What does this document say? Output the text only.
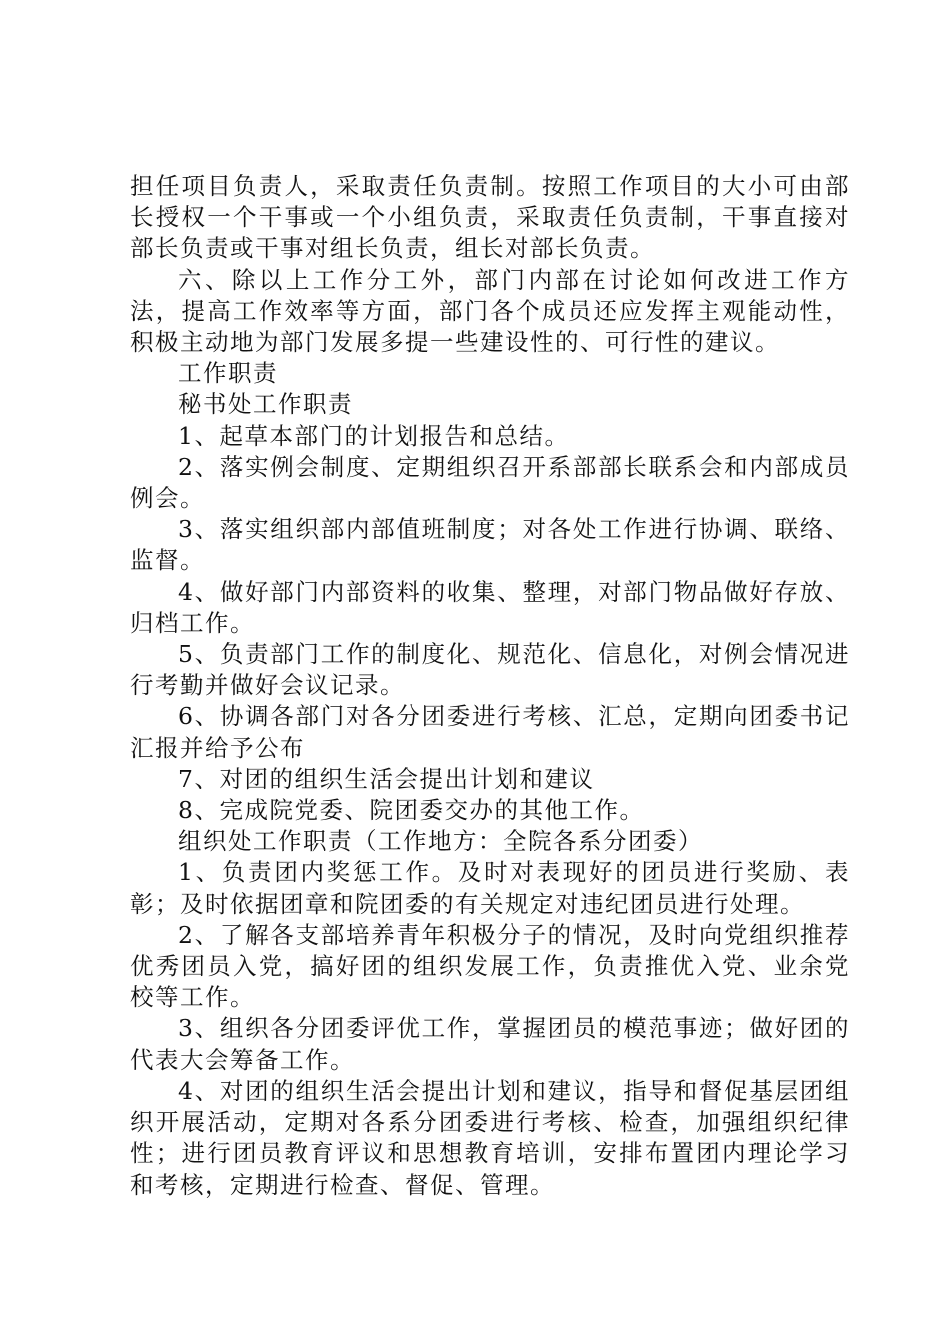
担任项目负责人，采取责任负责制。按照工作项目的大小可由部长授权一个干事或一个小组负责，采取责任负责制，干事直接对部长负责或干事对组长负责，组长对部长负责。

六、除以上工作分工外，部门内部在讨论如何改进工作方法，提高工作效率等方面，部门各个成员还应发挥主观能动性，积极主动地为部门发展多提一些建设性的、可行性的建议。

工作职责

秘书处工作职责

1、起草本部门的计划报告和总结。

2、落实例会制度、定期组织召开系部部长联系会和内部成员例会。

3、落实组织部内部值班制度；对各处工作进行协调、联络、监督。

4、做好部门内部资料的收集、整理，对部门物品做好存放、归档工作。

5、负责部门工作的制度化、规范化、信息化，对例会情况进行考勤并做好会议记录。

6、协调各部门对各分团委进行考核、汇总，定期向团委书记汇报并给予公布

7、对团的组织生活会提出计划和建议

8、完成院党委、院团委交办的其他工作。

组织处工作职责（工作地方：全院各系分团委）

1、负责团内奖惩工作。及时对表现好的团员进行奖励、表彰；及时依据团章和院团委的有关规定对违纪团员进行处理。

2、了解各支部培养青年积极分子的情况，及时向党组织推荐优秀团员入党，搞好团的组织发展工作，负责推优入党、业余党校等工作。

3、组织各分团委评优工作，掌握团员的模范事迹；做好团的代表大会筹备工作。

4、对团的组织生活会提出计划和建议，指导和督促基层团组织开展活动，定期对各系分团委进行考核、检查，加强组织纪律性；进行团员教育评议和思想教育培训，安排布置团内理论学习和考核，定期进行检查、督促、管理。
